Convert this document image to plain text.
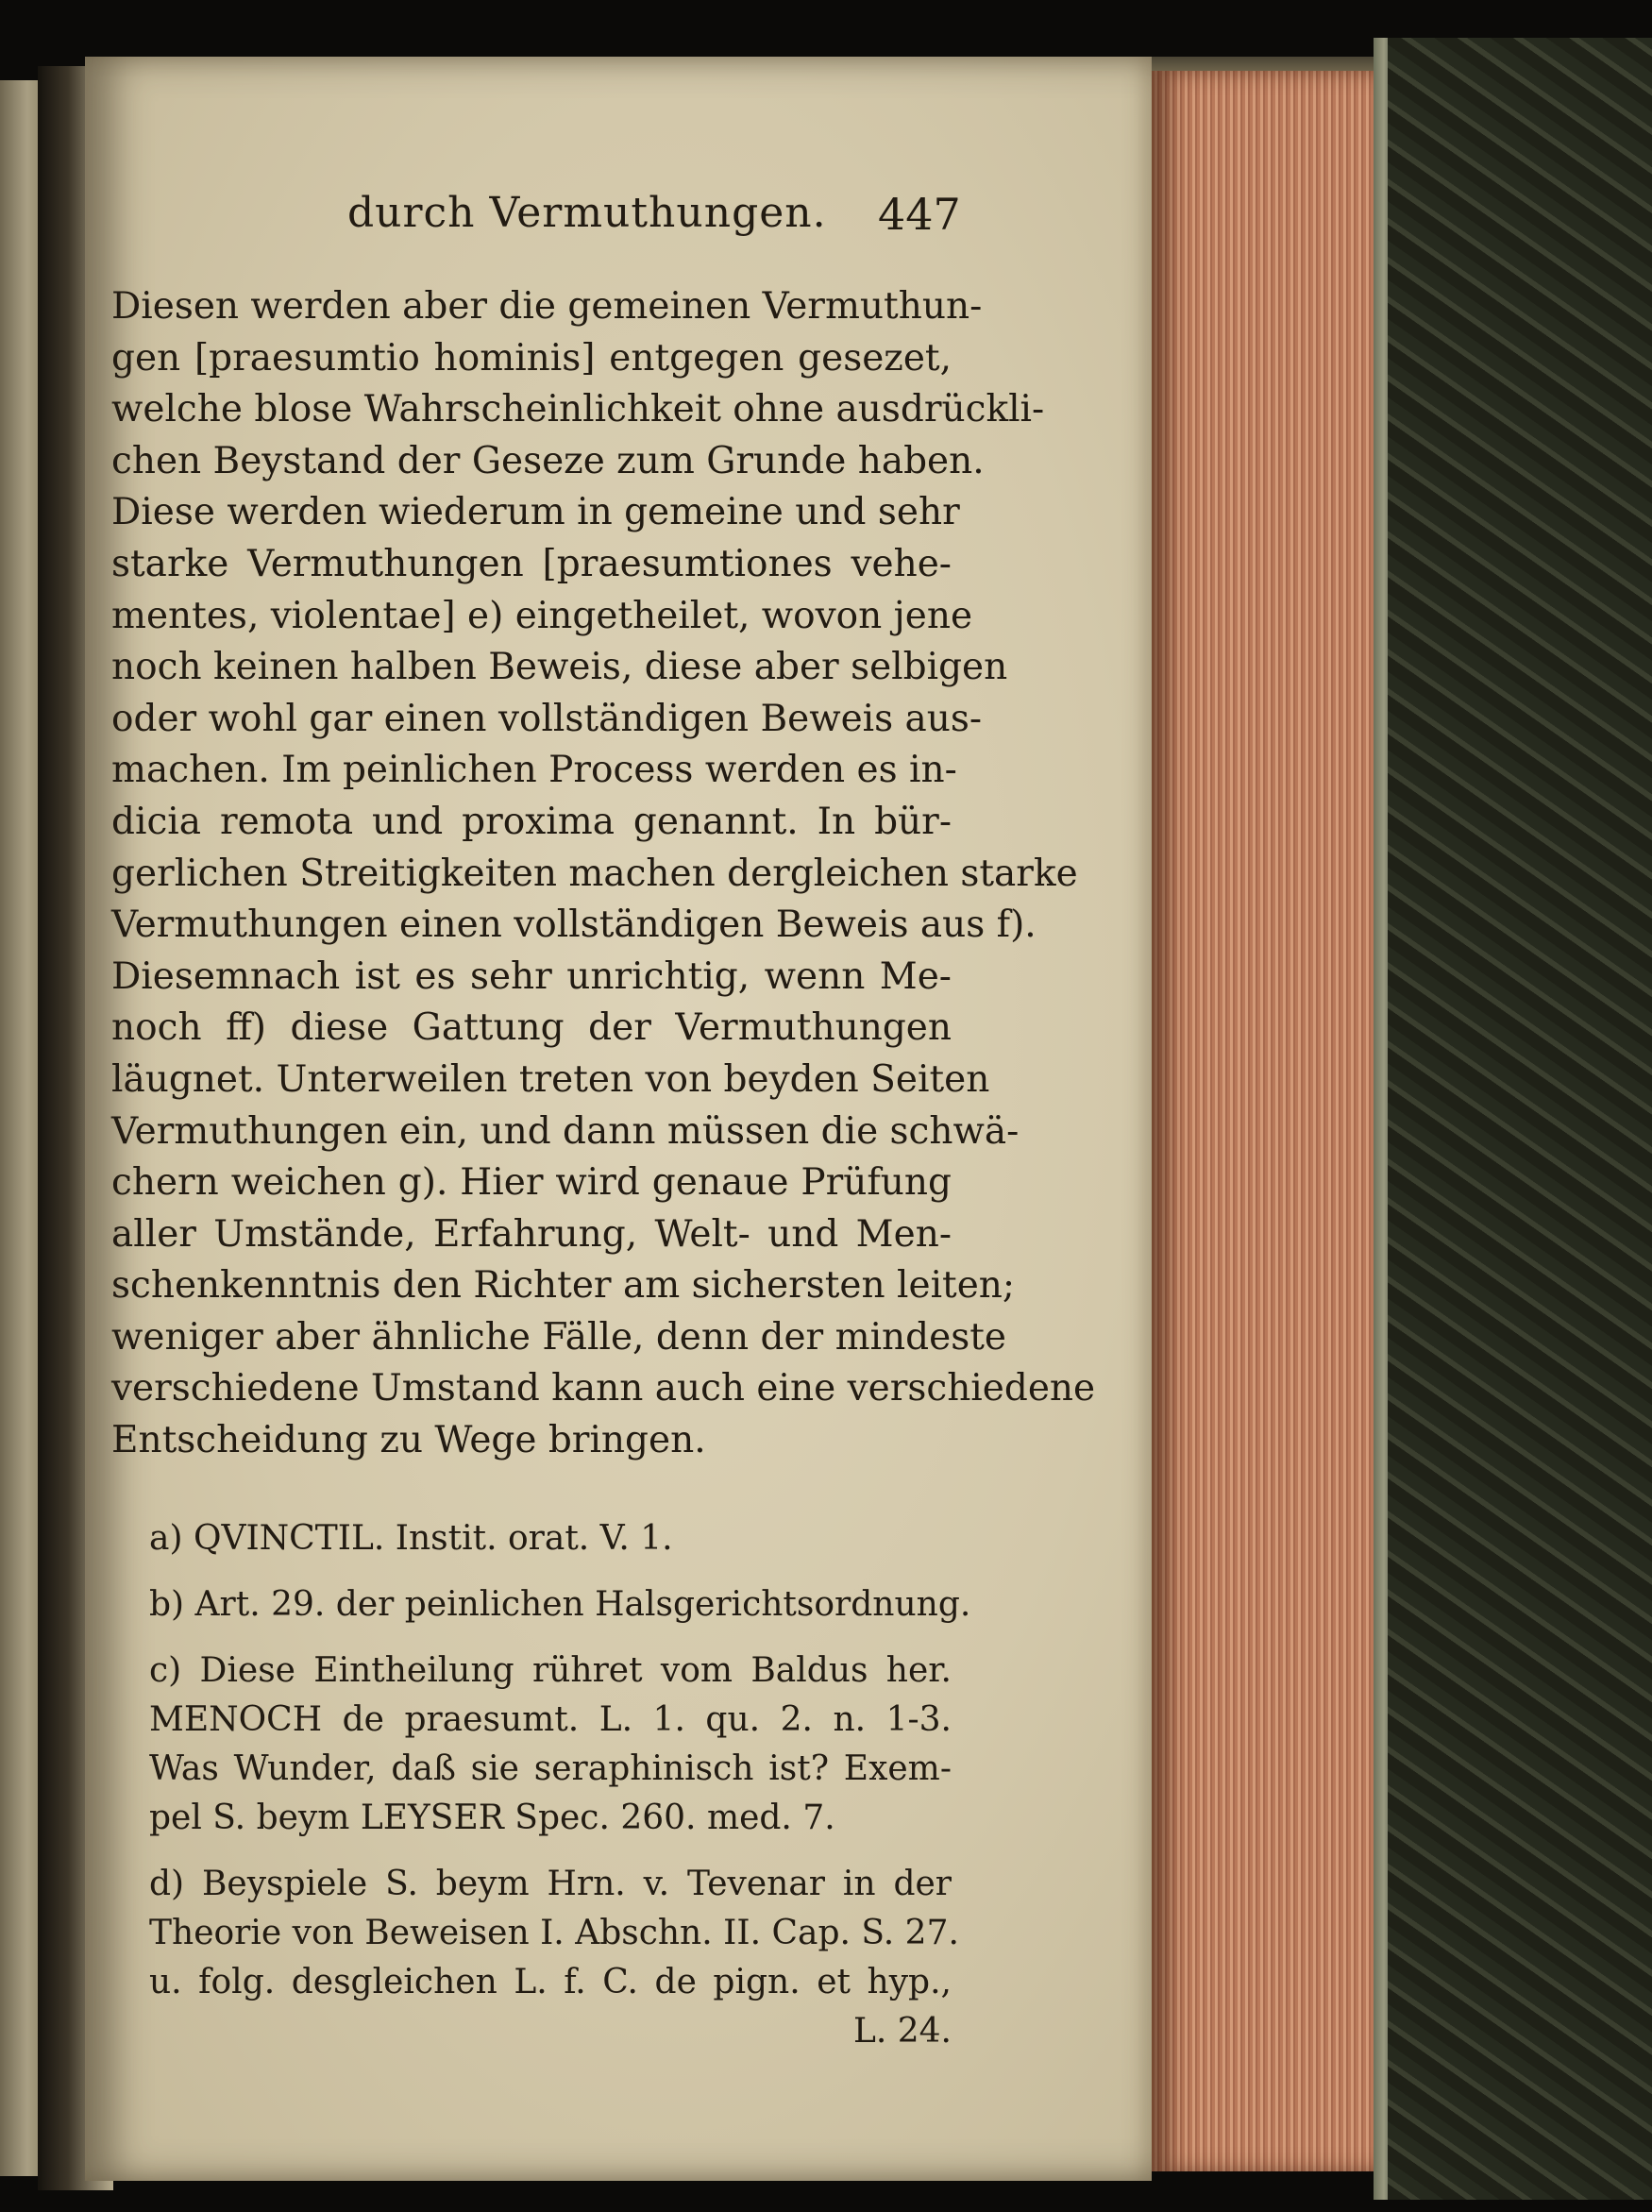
durch Vermuthungen. 447
Diesen werden aber die gemeinen Vermuthun-
gen [praesumtio hominis] entgegen gesezet,
welche blose Wahrscheinlichkeit ohne ausdrückli-
chen Beystand der Geseze zum Grunde haben.
Diese werden wiederum in gemeine und sehr
starke Vermuthungen [praesumtiones vehe-
mentes, violentae] e) eingetheilet, wovon jene
noch keinen halben Beweis, diese aber selbigen
oder wohl gar einen vollständigen Beweis aus-
machen. Im peinlichen Process werden es in-
dicia remota und proxima genannt. In bür-
gerlichen Streitigkeiten machen dergleichen starke
Vermuthungen einen vollständigen Beweis aus f).
Diesemnach ist es sehr unrichtig, wenn Me-
noch ff) diese Gattung der Vermuthungen
läugnet. Unterweilen treten von beyden Seiten
Vermuthungen ein, und dann müssen die schwä-
chern weichen g). Hier wird genaue Prüfung
aller Umstände, Erfahrung, Welt- und Men-
schenkenntnis den Richter am sichersten leiten;
weniger aber ähnliche Fälle, denn der mindeste
verschiedene Umstand kann auch eine verschiedene
Entscheidung zu Wege bringen.
a) QVINCTIL. Instit. orat. V. 1.
b) Art. 29. der peinlichen Halsgerichtsordnung.
c) Diese Eintheilung rühret vom Baldus her.
MENOCH de praesumt. L. 1. qu. 2. n. 1-3.
Was Wunder, daß sie seraphinisch ist? Exem-
pel S. beym LEYSER Spec. 260. med. 7.
d) Beyspiele S. beym Hrn. v. Tevenar in der
Theorie von Beweisen I. Abschn. II. Cap. S. 27.
u. folg. desgleichen L. f. C. de pign. et hyp.,
L. 24.
